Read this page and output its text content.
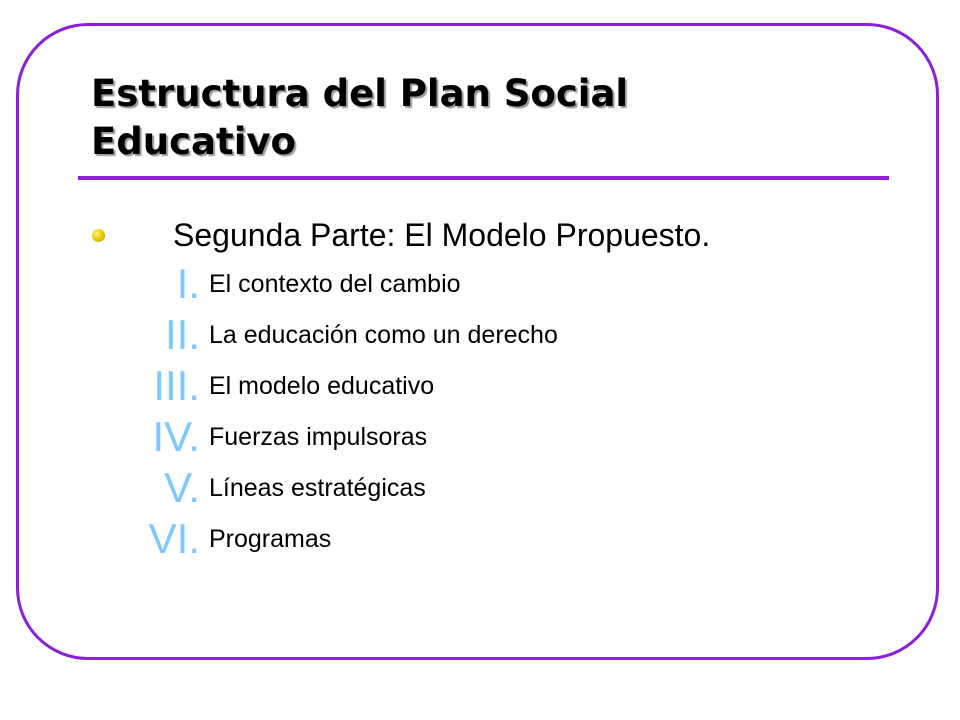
Estructura del Plan Social Educativo
Segunda Parte: El Modelo Propuesto.
I. El contexto del cambio
II. La educación como un derecho
III. El modelo educativo
IV. Fuerzas impulsoras
V. Líneas estratégicas
VI. Programas
